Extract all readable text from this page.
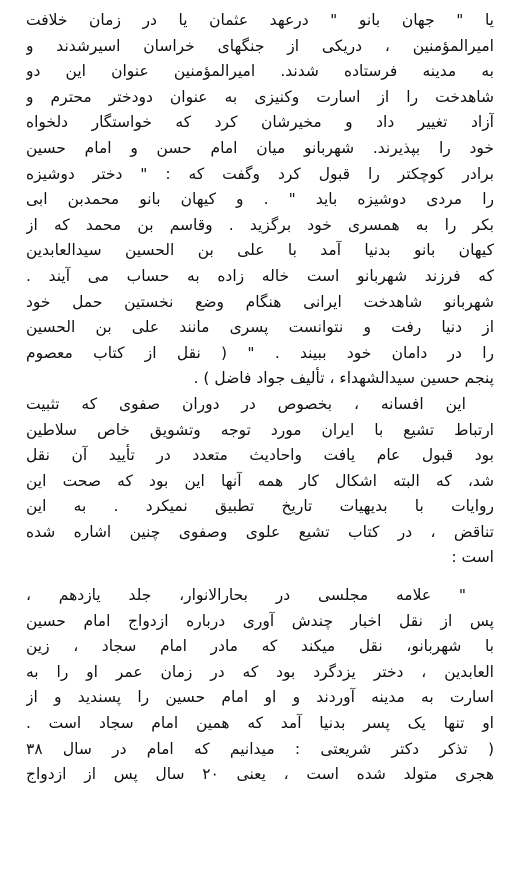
یا " جهان بانو " درعهد عثمان یا در زمان خلافت
امیرالمؤمنین ، دریکی از جنگهای خراسان اسیرشدند و
به مدینه فرستاده شدند. امیرالمؤمنین عنوان این دو
شاهدخت را از اسارت وکنیزی به عنوان دودختر محترم و
آزاد تغییر داد و مخیرشان کرد که خواستگار دلخواه
خود را بپذیرند. شهربانو میان امام حسن و امام حسین
برادر کوچکتر را قبول کرد وگفت که : " دختر دوشیزه
را مردی دوشیزه باید " . و کیهان بانو محمدبن ابی
بکر را به همسری خود برگزید . وقاسم بن محمد که از
کیهان بانو بدنیا آمد با علی بن الحسین سیدالعابدین
که فرزند شهربانو است خاله زاده به حساب می آیند .
شهربانو شاهدخت ایرانی هنگام وضع نخستین حمل خود
از دنیا رفت و نتوانست پسری مانند علی بن الحسین
را در دامان خود ببیند . " ( نقل از کتاب معصوم
پنجم حسین سیدالشهداء ، تألیف جواد فاضل ) .
این افسانه ، بخصوص در دوران صفوی که تثبیت
ارتباط تشیع با ایران مورد توجه وتشویق خاص سلاطین
بود قبول عام یافت واحادیث متعدد در تأیید آن نقل
شد، که البته اشکال کار همه آنها این بود که صحت این
روایات با بدیهیات تاریخ تطبیق نمیکرد . به این
تناقض ، در کتاب تشیع علوی وصفوی چنین اشاره شده
است :
" علامه مجلسی در بحارالانوار، جلد یازدهم ،
پس از نقل اخبار چندش آوری درباره ازدواج امام حسین
با شهربانو، نقل میکند که مادر امام سجاد ، زین
العابدین ، دختر یزدگرد بود که در زمان عمر او را به
اسارت به مدینه آوردند و او امام حسین را پسندید و از
او تنها یک پسر بدنیا آمد که همین امام سجاد است .
( تذکر دکتر شریعتی : میدانیم که امام در سال ۳۸
هجری متولد شده است ، یعنی ۲۰ سال پس از ازدواج
